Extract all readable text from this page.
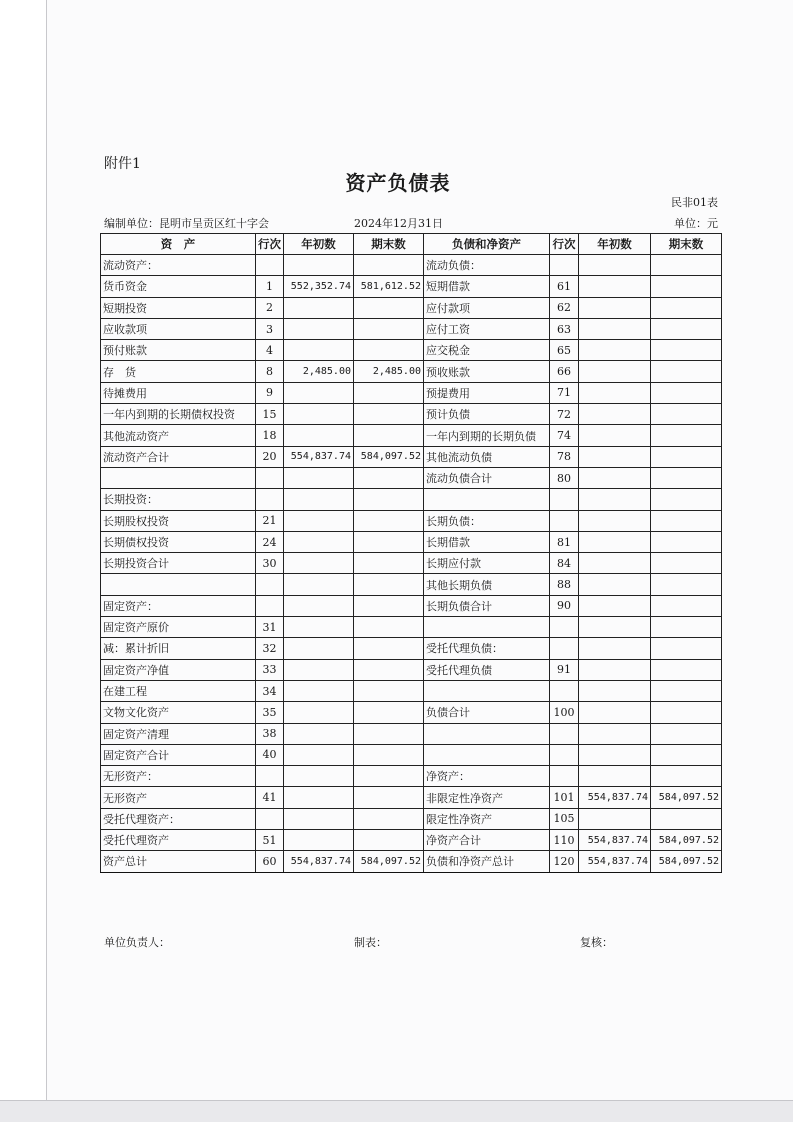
附件1
资产负债表
民非01表
编制单位：昆明市呈贡区红十字会	2024年12月31日	单位：元
资　产	行次	年初数	期末数	负债和净资产	行次	年初数	期末数
流动资产：				流动负债：			
货币资金	1	552,352.74	581,612.52	短期借款	61		
短期投资	2			应付款项	62		
应收款项	3			应付工资	63		
预付账款	4			应交税金	65		
存　货	8	2,485.00	2,485.00	预收账款	66		
待摊费用	9			预提费用	71		
一年内到期的长期债权投资	15			预计负债	72		
其他流动资产	18			一年内到期的长期负债	74		
流动资产合计	20	554,837.74	584,097.52	其他流动负债	78		
				流动负债合计	80		
长期投资：							
长期股权投资	21			长期负债：			
长期债权投资	24			长期借款	81		
长期投资合计	30			长期应付款	84		
				其他长期负债	88		
固定资产：				长期负债合计	90		
固定资产原价	31						
减：累计折旧	32			受托代理负债：			
固定资产净值	33			受托代理负债	91		
在建工程	34						
文物文化资产	35			负债合计	100		
固定资产清理	38						
固定资产合计	40						
无形资产：				净资产：			
无形资产	41			非限定性净资产	101	554,837.74	584,097.52
受托代理资产：				限定性净资产	105		
受托代理资产	51			净资产合计	110	554,837.74	584,097.52
资产总计	60	554,837.74	584,097.52	负债和净资产总计	120	554,837.74	584,097.52
单位负责人：	制表：	复核：
